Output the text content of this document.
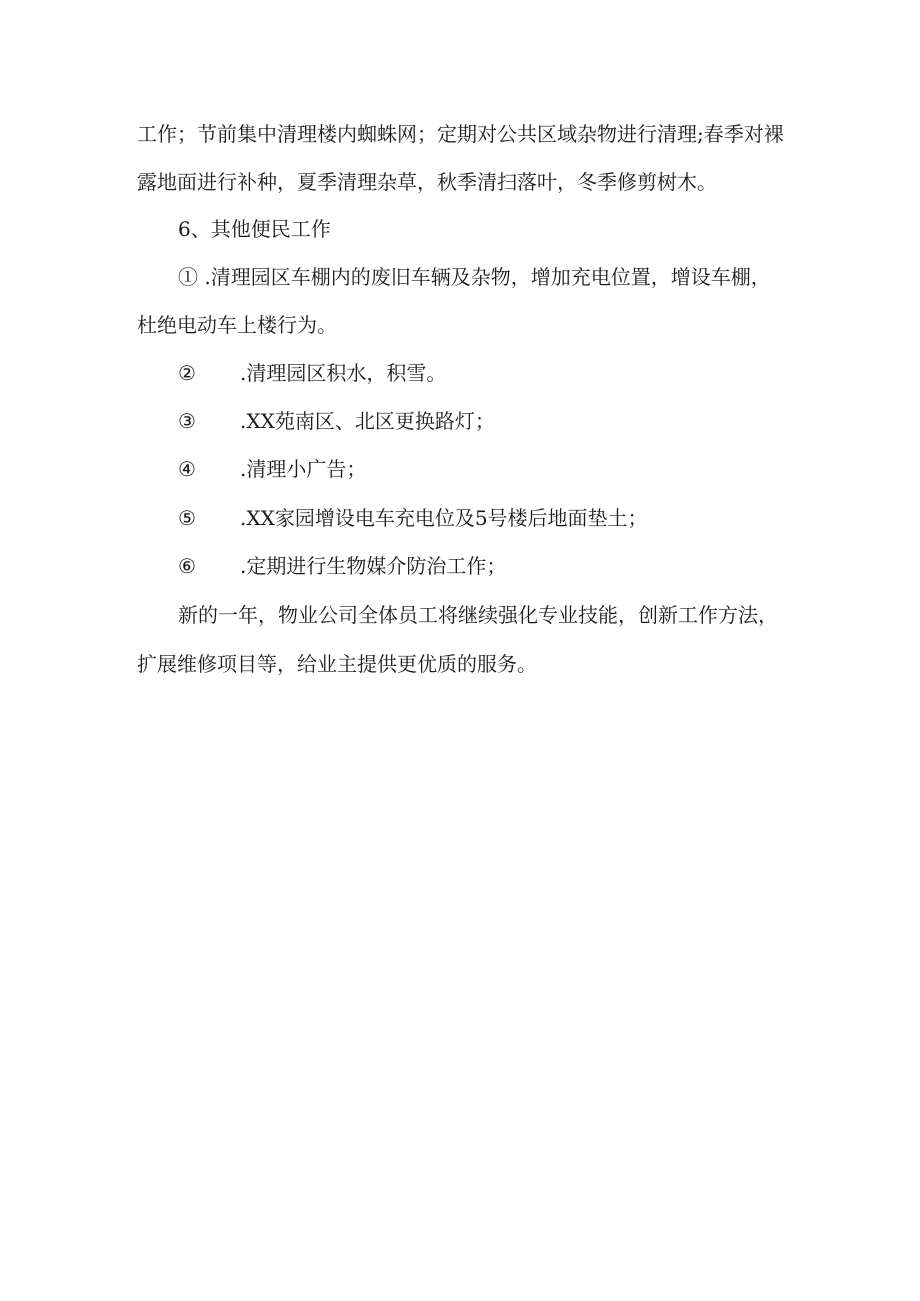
工作；节前集中清理楼内蜘蛛网；定期对公共区域杂物进行清理;春季对裸
露地面进行补种，夏季清理杂草，秋季清扫落叶，冬季修剪树木。
6、其他便民工作
① .清理园区车棚内的废旧车辆及杂物，增加充电位置，增设车棚，
杜绝电动车上楼行为。
② .清理园区积水，积雪。
③ .XX苑南区、北区更换路灯；
④ .清理小广告；
⑤ .XX家园增设电车充电位及5号楼后地面垫土；
⑥ .定期进行生物媒介防治工作；
新的一年，物业公司全体员工将继续强化专业技能，创新工作方法，
扩展维修项目等，给业主提供更优质的服务。
